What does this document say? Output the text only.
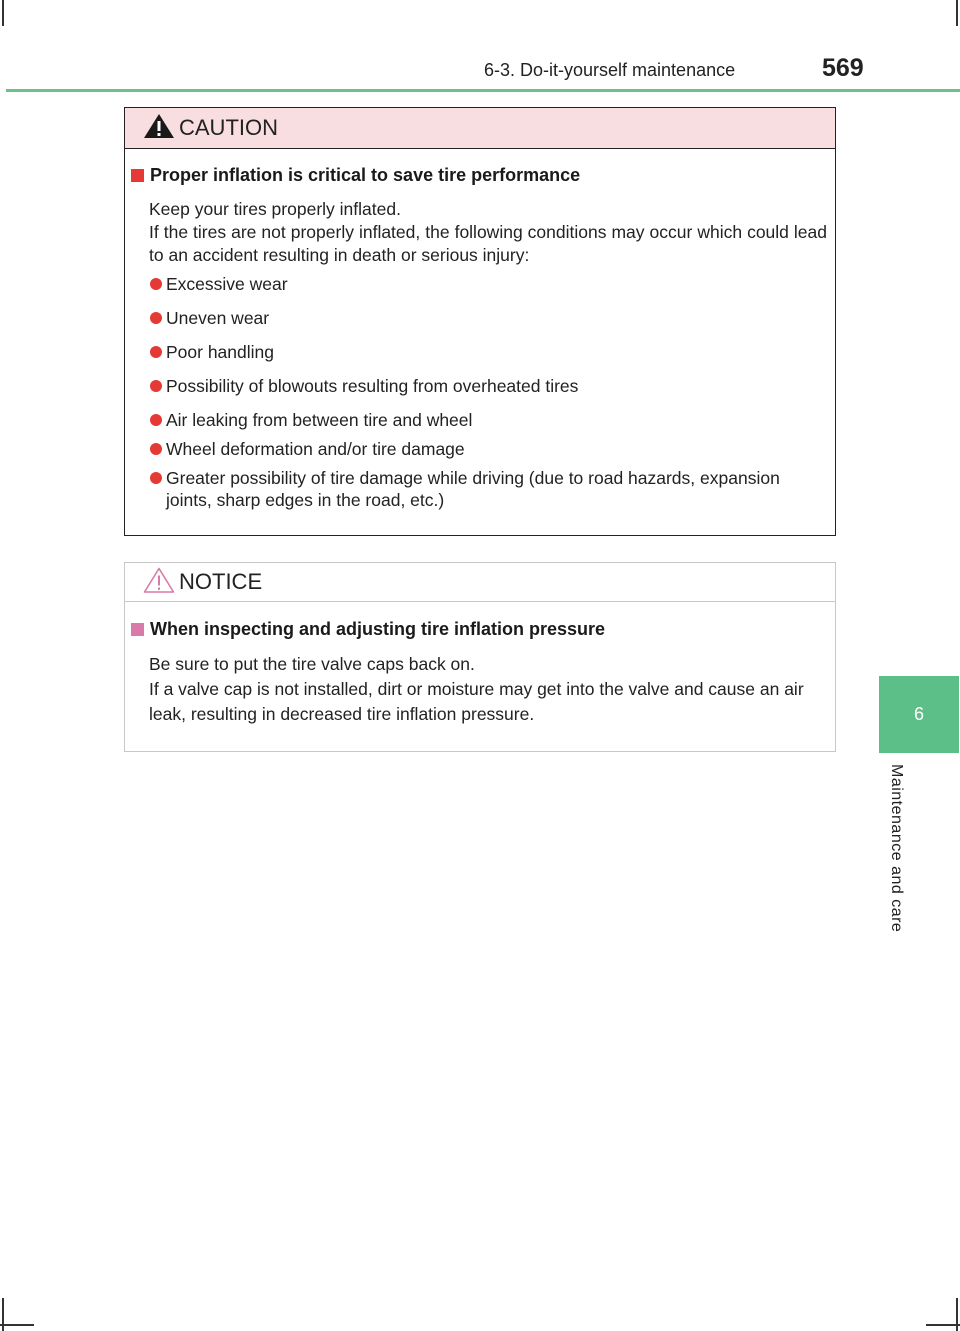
6-3. Do-it-yourself maintenance	569
6
Maintenance and care
CAUTION
Proper inflation is critical to save tire performance
Keep your tires properly inflated.
If the tires are not properly inflated, the following conditions may occur which could lead to an accident resulting in death or serious injury:
Excessive wear
Uneven wear
Poor handling
Possibility of blowouts resulting from overheated tires
Air leaking from between tire and wheel
Wheel deformation and/or tire damage
Greater possibility of tire damage while driving (due to road hazards, expansion joints, sharp edges in the road, etc.)
NOTICE
When inspecting and adjusting tire inflation pressure
Be sure to put the tire valve caps back on.
If a valve cap is not installed, dirt or moisture may get into the valve and cause an air leak, resulting in decreased tire inflation pressure.
